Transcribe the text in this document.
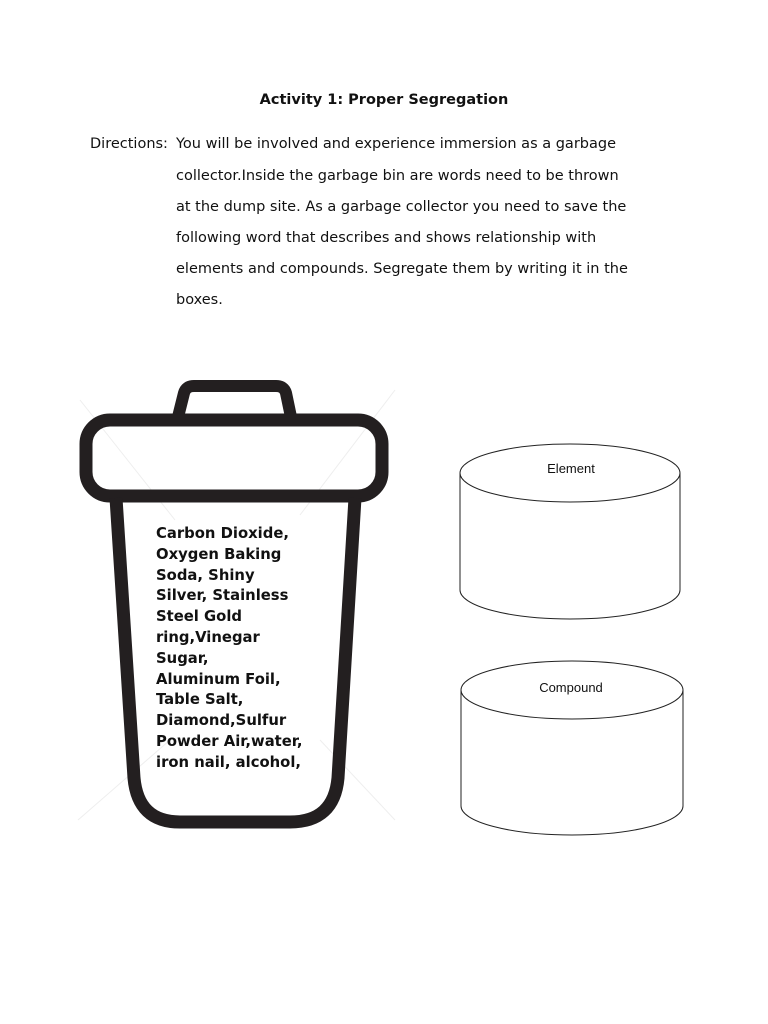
Activity 1: Proper Segregation
Directions: You will be involved and experience immersion as a garbage
collector.Inside the garbage bin are words need to be thrown
at the dump site. As a garbage collector you need to save the
following word that describes and shows relationship with
elements and compounds. Segregate them by writing it in the
boxes.
Carbon Dioxide,
Oxygen Baking
Soda, Shiny
Silver, Stainless
Steel Gold
ring,Vinegar
Sugar,
Aluminum Foil,
Table Salt,
Diamond,Sulfur
Powder Air,water,
iron nail, alcohol,
Element
Compound
